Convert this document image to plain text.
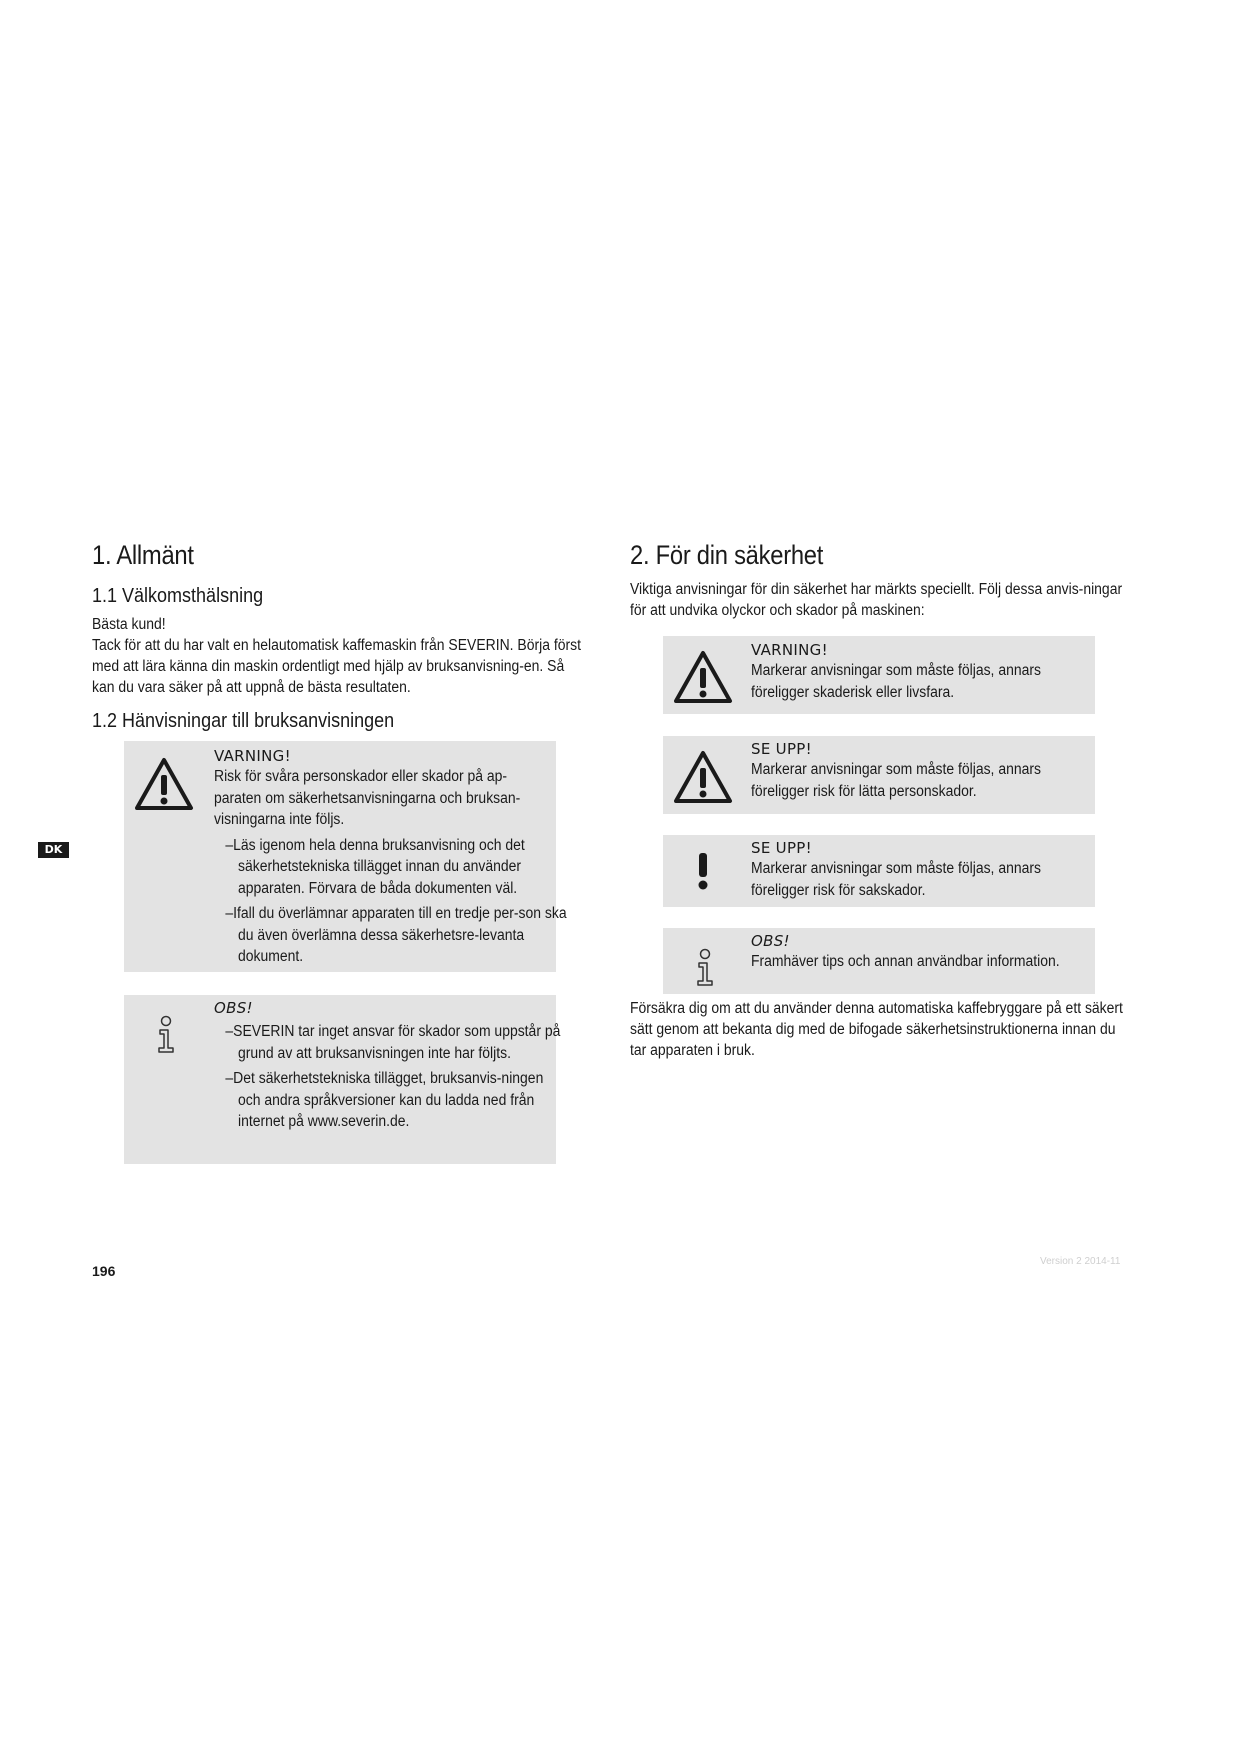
1. Allmänt
1.1 Välkomsthälsning

Bästa kund!

Tack för att du har valt en helautomatisk kaffemaskin från SEVERIN. Börja först med att lära känna din maskin ordentligt med hjälp av bruksanvisning-en. Så kan du vara säker på att uppnå de bästa resultaten.

1.2 Hänvisningar till bruksanvisningen
VARNING!
Risk för svåra personskador eller skador på ap-paraten om säkerhetsanvisningarna och bruksan-visningarna inte följs.
–Läs igenom hela denna bruksanvisning och det säkerhetstekniska tillägget innan du använder apparaten. Förvara de båda dokumenten väl.
–Ifall du överlämnar apparaten till en tredje per-son ska du även överlämna dessa säkerhetsre-levanta dokument.
OBS!
–SEVERIN tar inget ansvar för skador som uppstår på grund av att bruksanvisningen inte har följts.
–Det säkerhetstekniska tillägget, bruksanvis-ningen och andra språkversioner kan du ladda ned från internet på www.severin.de.
2. För din säkerhet

Viktiga anvisningar för din säkerhet har märkts speciellt. Följ dessa anvis-ningar för att undvika olyckor och skador på maskinen:

VARNING!
Markerar anvisningar som måste följas, annars föreligger skaderisk eller livsfara.
SE UPP!
Markerar anvisningar som måste följas, annars föreligger risk för lätta personskador.
SE UPP!
Markerar anvisningar som måste följas, annars föreligger risk för sakskador.
OBS!
Framhäver tips och annan användbar information.

Försäkra dig om att du använder denna automatiska kaffebryggare på ett säkert sätt genom att bekanta dig med de bifogade säkerhetsinstruktionerna innan du tar apparaten i bruk.

DK
196
Version 2 2014-11
